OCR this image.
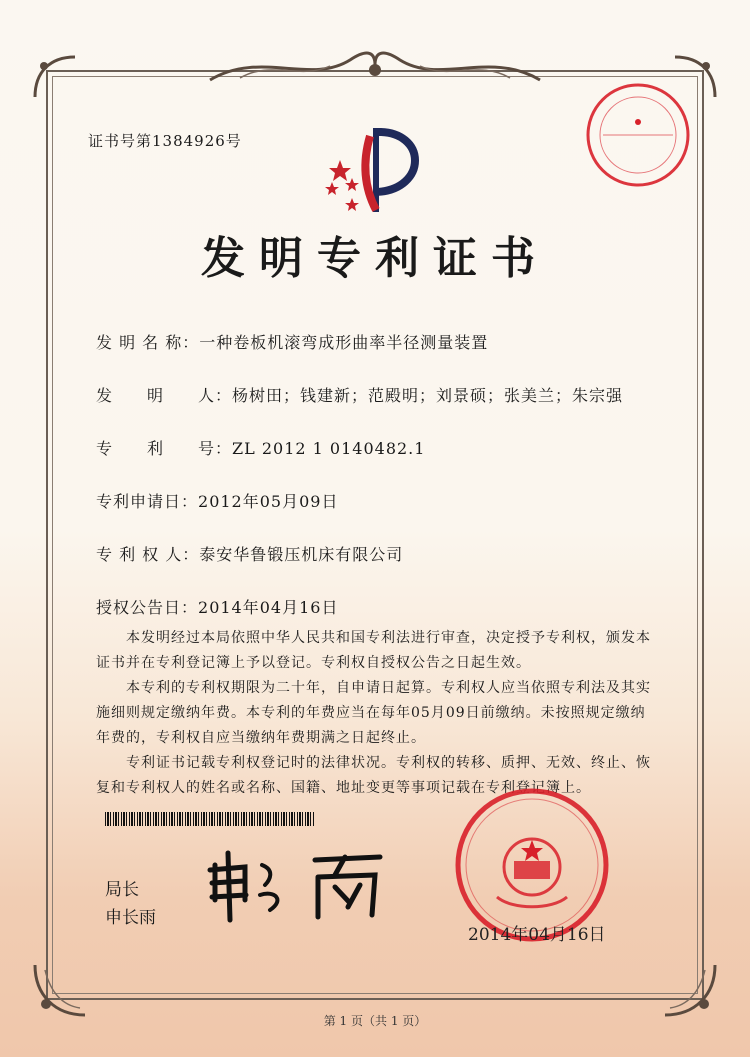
证书号第1384926号
发明专利证书
发 明 名 称：一种卷板机滚弯成形曲率半径测量装置
发　　明　　人：杨树田；钱建新；范殿明；刘景硕；张美兰；朱宗强
专　　利　　号：ZL 2012 1 0140482.1
专利申请日：2012年05月09日
专 利 权 人：泰安华鲁锻压机床有限公司
授权公告日：2014年04月16日

本发明经过本局依照中华人民共和国专利法进行审查，决定授予专利权，颁发本证书并在专利登记簿上予以登记。专利权自授权公告之日起生效。

本专利的专利权期限为二十年，自申请日起算。专利权人应当依照专利法及其实施细则规定缴纳年费。本专利的年费应当在每年05月09日前缴纳。未按照规定缴纳年费的，专利权自应当缴纳年费期满之日起终止。

专利证书记载专利权登记时的法律状况。专利权的转移、质押、无效、终止、恢复和专利权人的姓名或名称、国籍、地址变更等事项记载在专利登记簿上。

局长
申长雨
2014年04月16日
第 1 页（共 1 页）
